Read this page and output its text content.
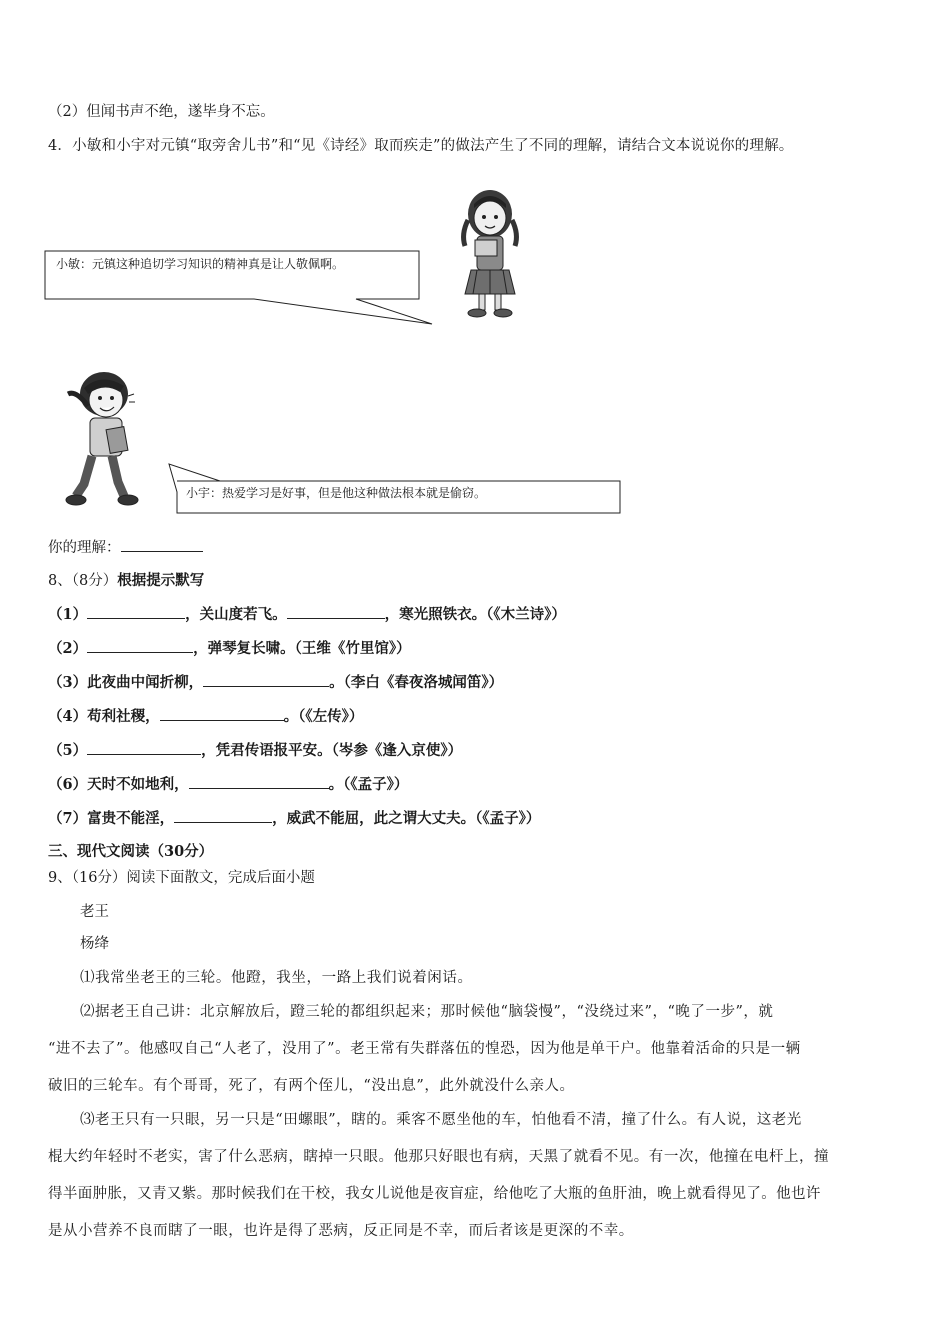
（2）但闻书声不绝，遂毕身不忘。
4．小敏和小宇对元镇“取旁舍儿书”和“见《诗经》取而疾走”的做法产生了不同的理解，请结合文本说说你的理解。
小敏：元镇这种追切学习知识的精神真是让人敬佩啊。
小宇：热爱学习是好事，但是他这种做法根本就是偷窃。
你的理解：
8、（8分）根据提示默写
（1）	，关山度若飞。	，寒光照铁衣。（《木兰诗》）
（2）	，弹琴复长啸。（王维《竹里馆》）
（3）此夜曲中闻折柳，	。（李白《春夜洛城闻笛》）
（4）苟利社稷，	。（《左传》）
（5）	，凭君传语报平安。（岑参《逢入京使》）
（6）天时不如地利，	。（《孟子》）
（7）富贵不能淫，	，威武不能屈，此之谓大丈夫。（《孟子》）
三、现代文阅读（30分）
9、（16分）阅读下面散文，完成后面小题
老王
杨绛
⑴我常坐老王的三轮。他蹬，我坐，一路上我们说着闲话。
⑵据老王自己讲：北京解放后，蹬三轮的都组织起来；那时候他“脑袋慢”，“没绕过来”，“晚了一步”，就
“进不去了”。他感叹自己“人老了，没用了”。老王常有失群落伍的惶恐，因为他是单干户。他靠着活命的只是一辆
破旧的三轮车。有个哥哥，死了，有两个侄儿，“没出息”，此外就没什么亲人。
⑶老王只有一只眼，另一只是“田螺眼”，瞎的。乘客不愿坐他的车，怕他看不清，撞了什么。有人说，这老光
棍大约年轻时不老实，害了什么恶病，瞎掉一只眼。他那只好眼也有病，天黑了就看不见。有一次，他撞在电杆上，撞
得半面肿胀，又青又紫。那时候我们在干校，我女儿说他是夜盲症，给他吃了大瓶的鱼肝油，晚上就看得见了。他也许
是从小营养不良而瞎了一眼，也许是得了恶病，反正同是不幸，而后者该是更深的不幸。
